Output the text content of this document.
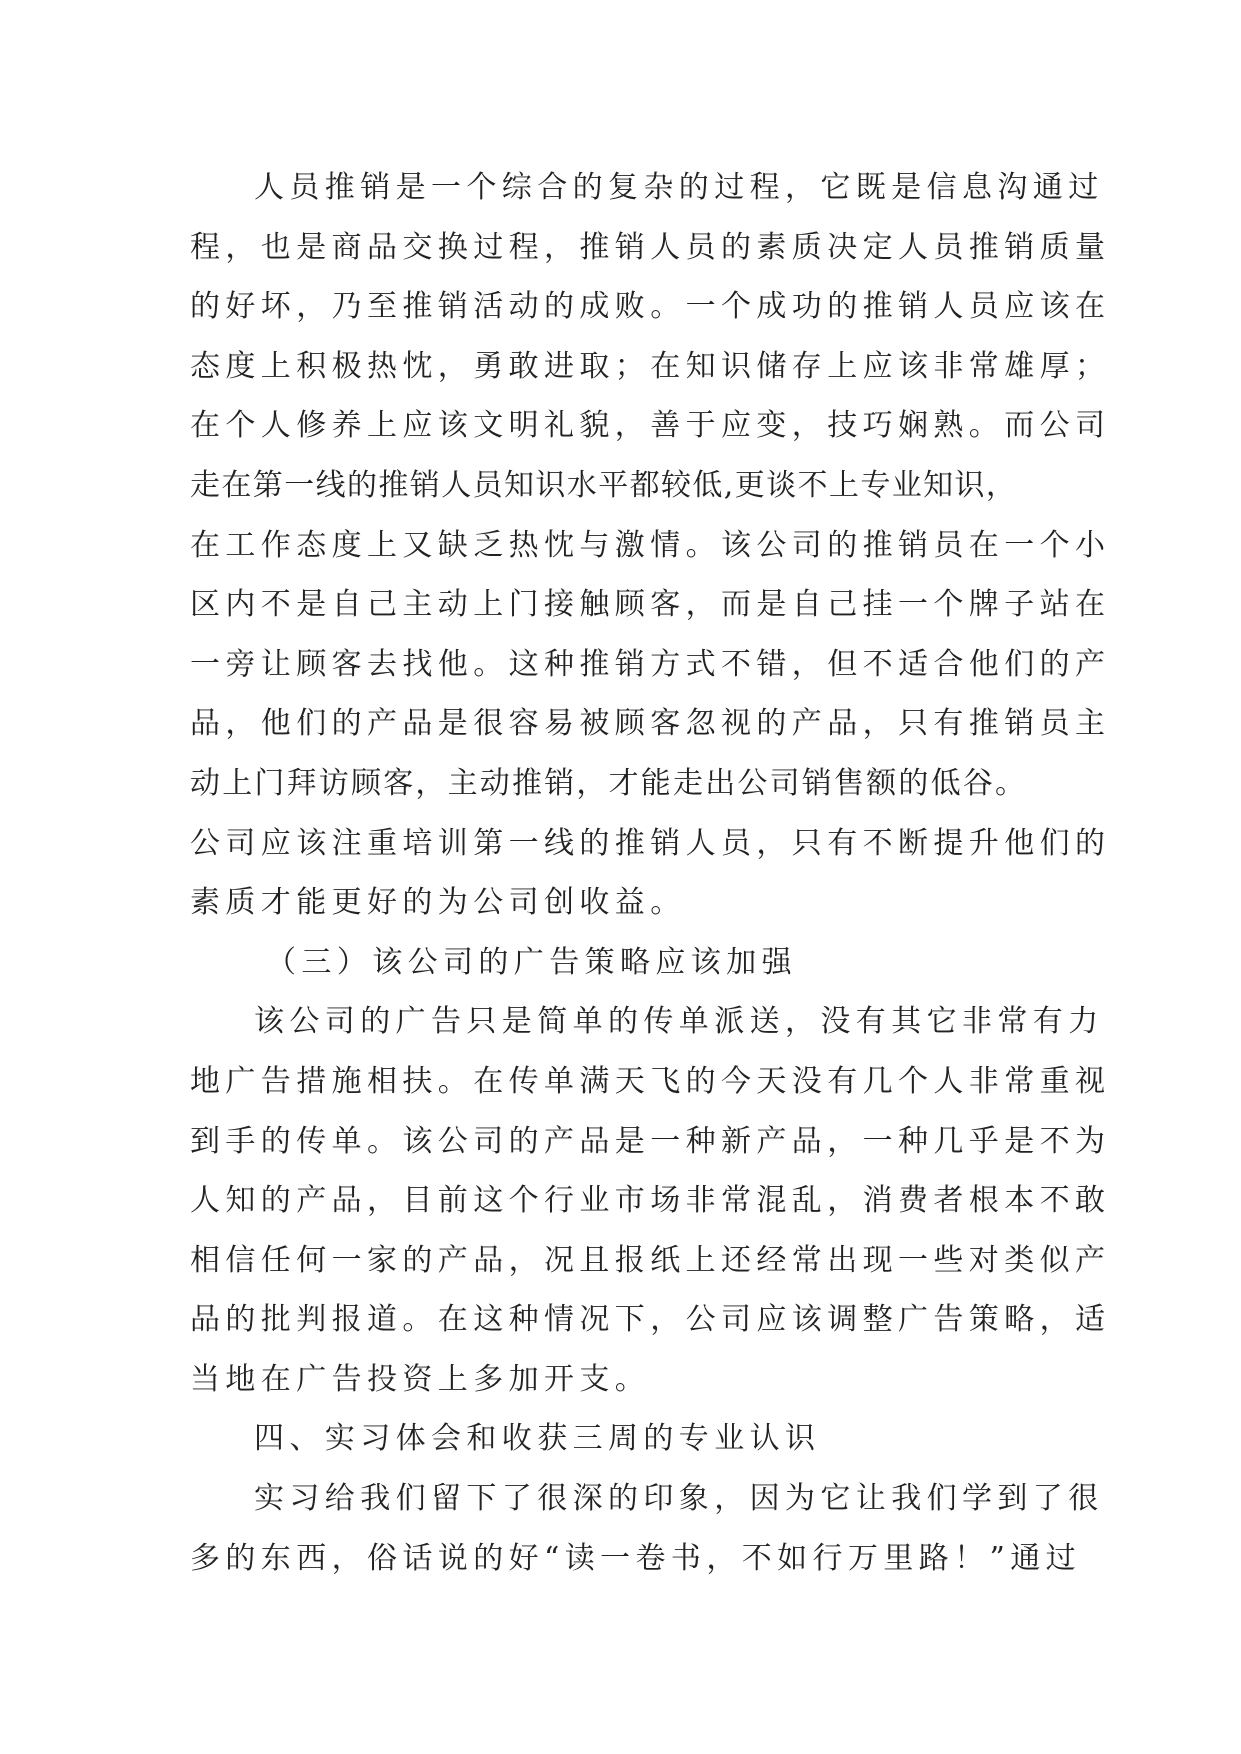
人员推销是一个综合的复杂的过程，它既是信息沟通过
程，也是商品交换过程，推销人员的素质决定人员推销质量
的好坏，乃至推销活动的成败。一个成功的推销人员应该在
态度上积极热忱，勇敢进取；在知识储存上应该非常雄厚；
在个人修养上应该文明礼貌，善于应变，技巧娴熟。而公司
走在第一线的推销人员知识水平都较低,更谈不上专业知识，
在工作态度上又缺乏热忱与激情。该公司的推销员在一个小
区内不是自己主动上门接触顾客，而是自己挂一个牌子站在
一旁让顾客去找他。这种推销方式不错，但不适合他们的产
品，他们的产品是很容易被顾客忽视的产品，只有推销员主
动上门拜访顾客，主动推销，才能走出公司销售额的低谷。
公司应该注重培训第一线的推销人员，只有不断提升他们的
素质才能更好的为公司创收益。
（三）该公司的广告策略应该加强
该公司的广告只是简单的传单派送，没有其它非常有力
地广告措施相扶。在传单满天飞的今天没有几个人非常重视
到手的传单。该公司的产品是一种新产品，一种几乎是不为
人知的产品，目前这个行业市场非常混乱，消费者根本不敢
相信任何一家的产品，况且报纸上还经常出现一些对类似产
品的批判报道。在这种情况下，公司应该调整广告策略，适
当地在广告投资上多加开支。
四、实习体会和收获三周的专业认识
实习给我们留下了很深的印象，因为它让我们学到了很
多的东西，俗话说的好“读一卷书，不如行万里路！”通过
